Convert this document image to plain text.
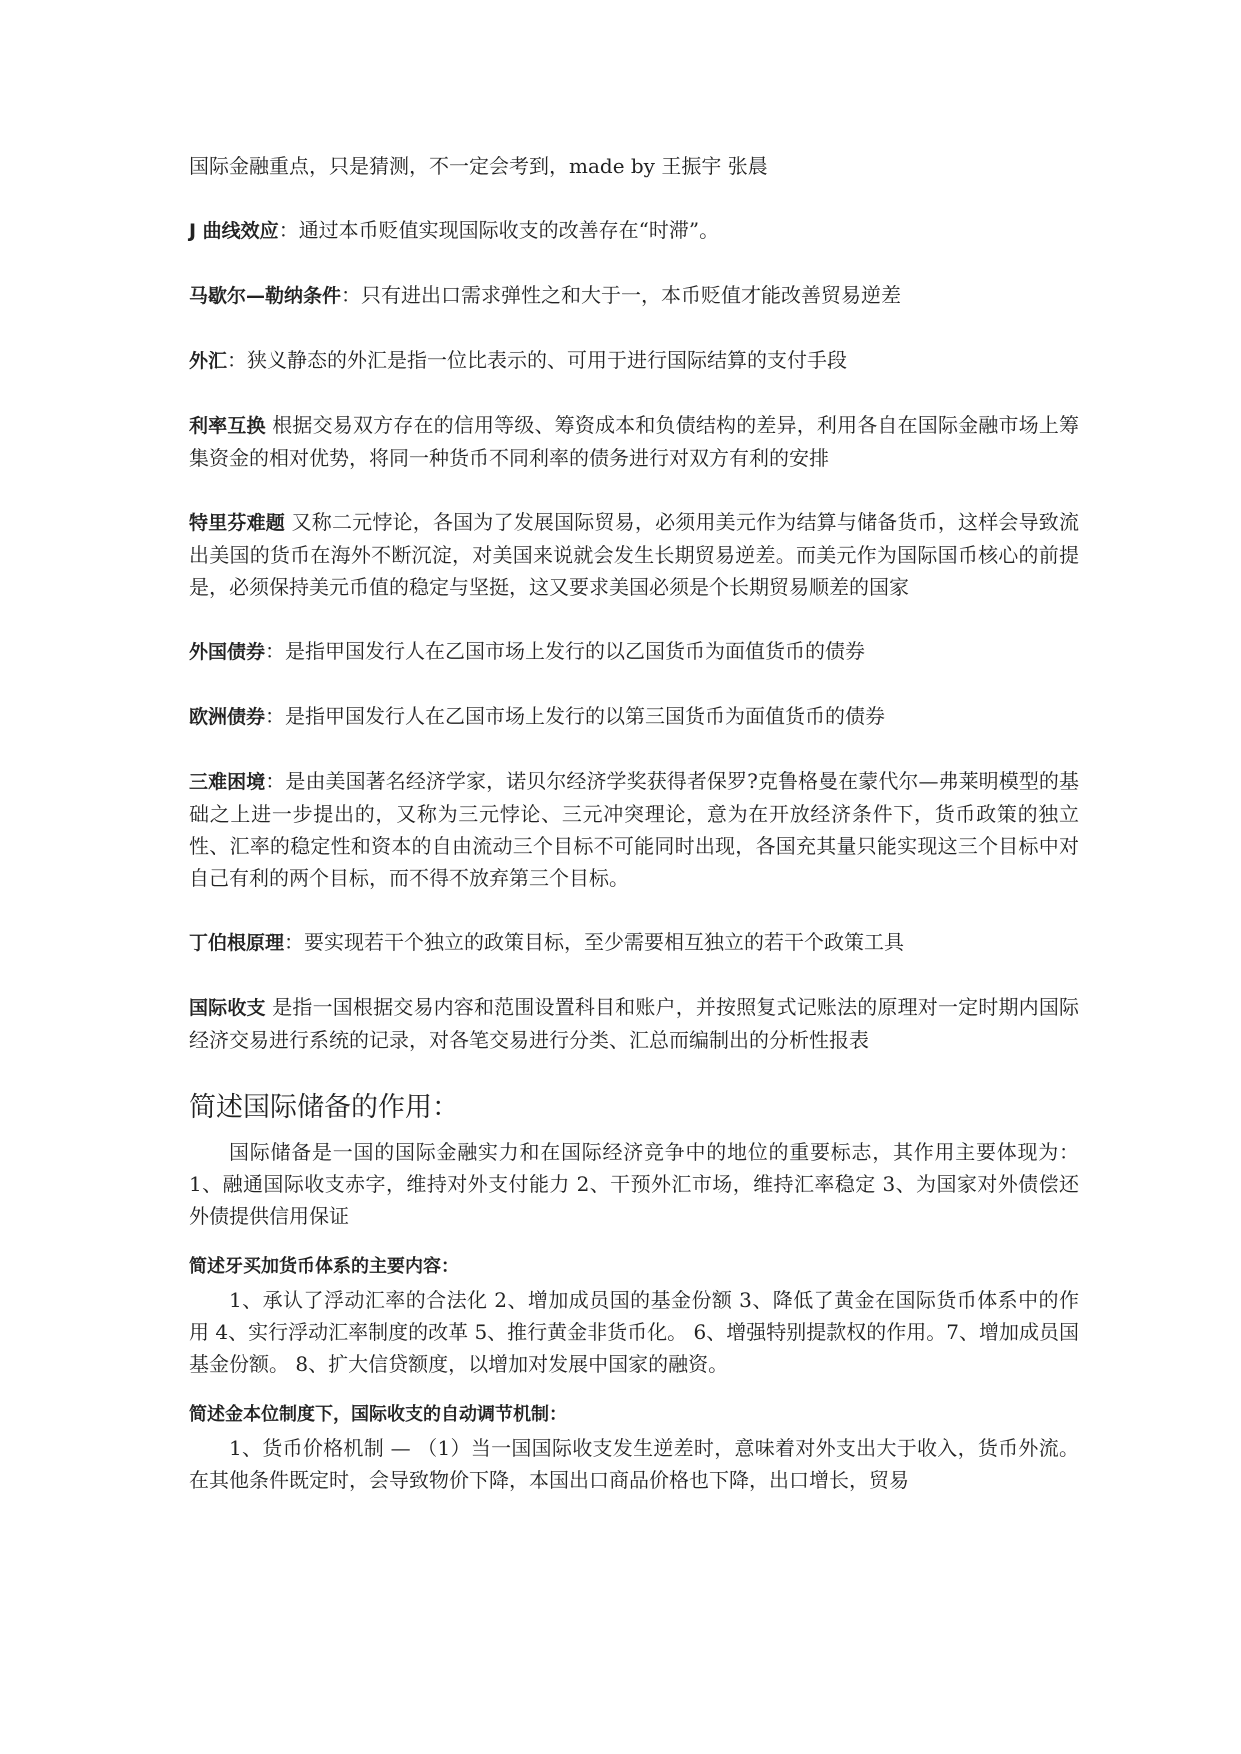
国际金融重点，只是猜测，不一定会考到，made by 王振宇 张晨

J 曲线效应：通过本币贬值实现国际收支的改善存在“时滞”。

马歇尔—勒纳条件：只有进出口需求弹性之和大于一，本币贬值才能改善贸易逆差

外汇：狭义静态的外汇是指一位比表示的、可用于进行国际结算的支付手段

利率互换 根据交易双方存在的信用等级、筹资成本和负债结构的差异，利用各自在国际金融市场上筹集资金的相对优势，将同一种货币不同利率的债务进行对双方有利的安排

特里芬难题 又称二元悖论，各国为了发展国际贸易，必须用美元作为结算与储备货币，这样会导致流出美国的货币在海外不断沉淀，对美国来说就会发生长期贸易逆差。而美元作为国际国币核心的前提是，必须保持美元币值的稳定与坚挺，这又要求美国必须是个长期贸易顺差的国家

外国债券：是指甲国发行人在乙国市场上发行的以乙国货币为面值货币的债券

欧洲债券：是指甲国发行人在乙国市场上发行的以第三国货币为面值货币的债券

三难困境：是由美国著名经济学家，诺贝尔经济学奖获得者保罗?克鲁格曼在蒙代尔—弗莱明模型的基础之上进一步提出的，又称为三元悖论、三元冲突理论，意为在开放经济条件下，货币政策的独立性、汇率的稳定性和资本的自由流动三个目标不可能同时出现，各国充其量只能实现这三个目标中对自己有利的两个目标，而不得不放弃第三个目标。

丁伯根原理：要实现若干个独立的政策目标，至少需要相互独立的若干个政策工具

国际收支 是指一国根据交易内容和范围设置科目和账户，并按照复式记账法的原理对一定时期内国际经济交易进行系统的记录，对各笔交易进行分类、汇总而编制出的分析性报表

简述国际储备的作用：

国际储备是一国的国际金融实力和在国际经济竞争中的地位的重要标志，其作用主要体现为：1、融通国际收支赤字，维持对外支付能力 2、干预外汇市场，维持汇率稳定 3、为国家对外债偿还外债提供信用保证

简述牙买加货币体系的主要内容：

1、承认了浮动汇率的合法化 2、增加成员国的基金份额 3、降低了黄金在国际货币体系中的作用 4、实行浮动汇率制度的改革 5、推行黄金非货币化。 6、增强特别提款权的作用。7、增加成员国基金份额。 8、扩大信贷额度，以增加对发展中国家的融资。

简述金本位制度下，国际收支的自动调节机制：

1、货币价格机制 — （1）当一国国际收支发生逆差时，意味着对外支出大于收入，货币外流。在其他条件既定时，会导致物价下降，本国出口商品价格也下降，出口增长，贸易
